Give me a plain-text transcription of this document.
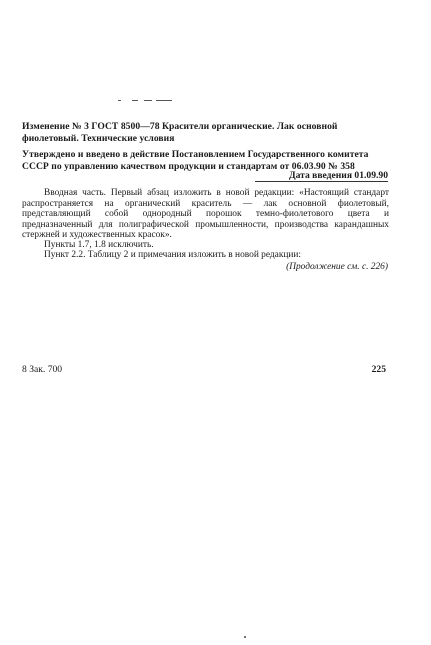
Изменение № 3 ГОСТ 8500—78 Красители органические. Лак основной фиолетовый. Технические условия
Утверждено и введено в действие Постановлением Государственного комитета СССР по управлению качеством продукции и стандартам от 06.03.90 № 358
Дата введения 01.09.90
Вводная часть. Первый абзац изложить в новой редакции: «Настоящий стандарт распространяется на органический краситель — лак основной фиолетовый, представляющий собой однородный порошок темно-фиолетового цвета и предназначенный для полиграфической промышленности, производства карандашных стержней и художественных красок».
Пункты 1.7, 1.8 исключить.
Пункт 2.2. Таблицу 2 и примечания изложить в новой редакции:
(Продолжение см. с. 226)
8 Зак. 700	225
